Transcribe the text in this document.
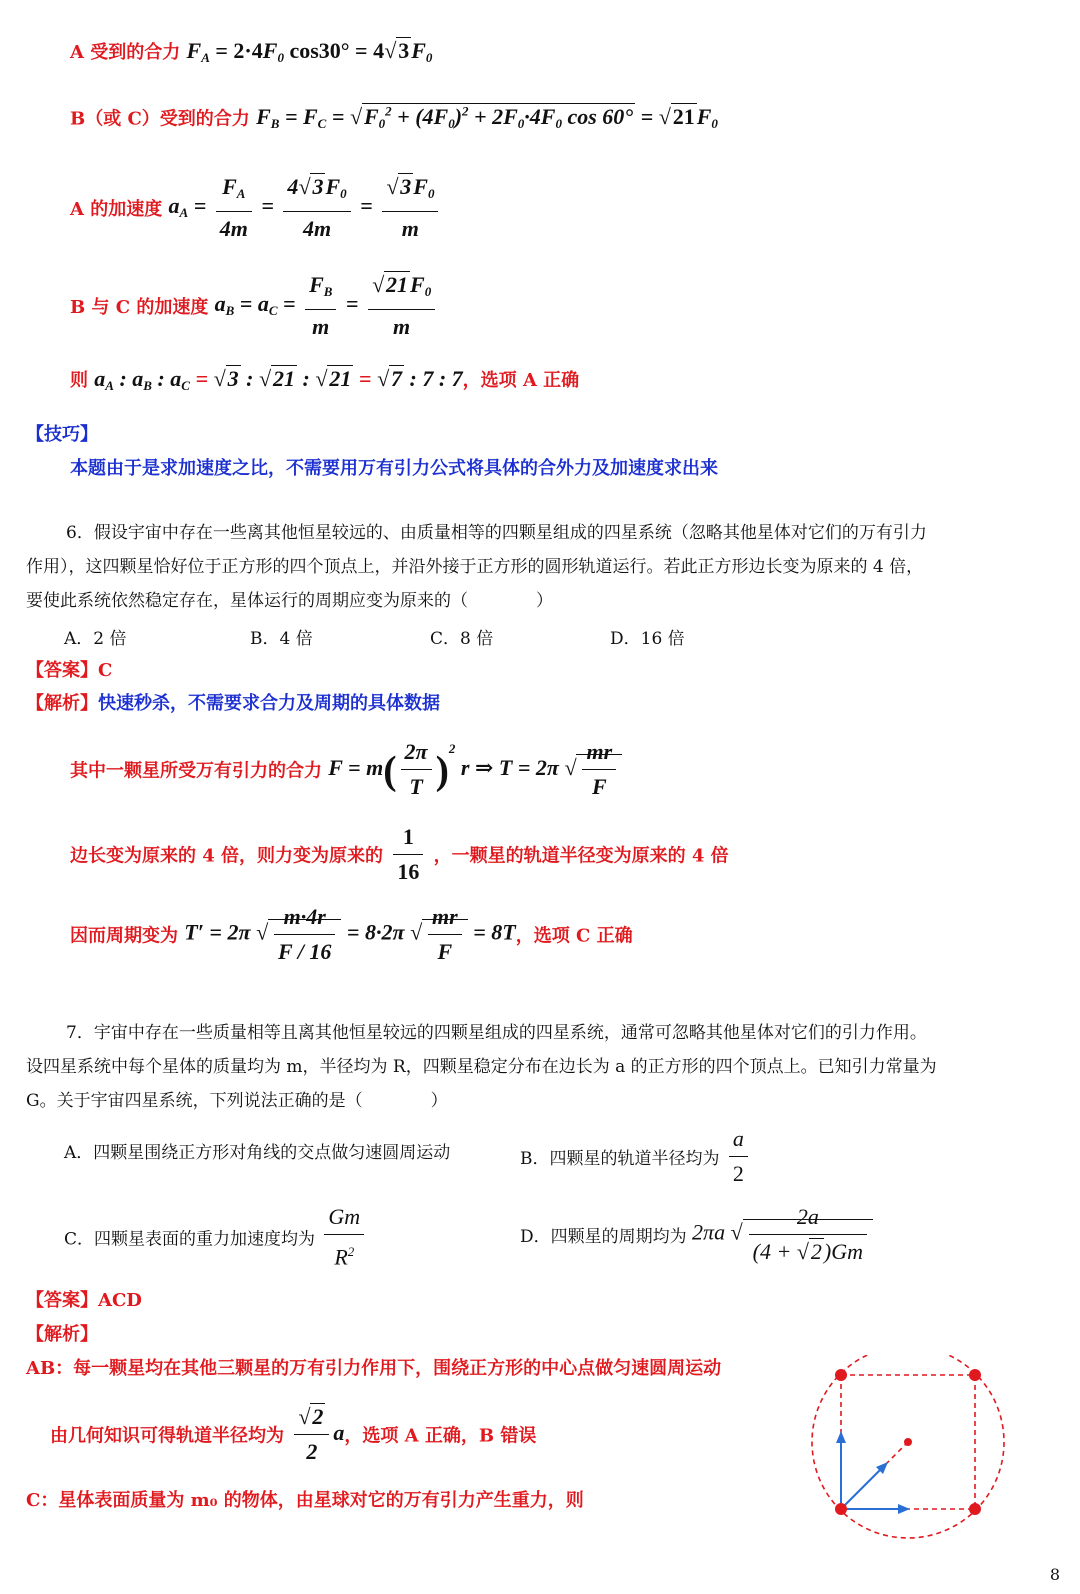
A 受到的合力 $F_A = 2\cdot 4F_0$ $\cos 30^\circ = 4√3F_0$
B（或 C）受到的合力 $F_B = F_C = √F_0^2 + (4F_0)^2 + 2F_0\cdot 4F_0$ $\cos 60^\circ = √21F_0$
A 的加速度 $a_A = \frac{F_A}{4m} = \frac{4√3F_0}{4m} = \frac{√3F_0}{m}$
B 与 C 的加速度 $a_B = a_C = \frac{F_B}{m} = \frac{√21F_0}{m}$
则 $a_A$ : $a_B$ : $a_C = √3$ : √21 : √21 = √7 : 7 : 7，选项 A 正确
【技巧】
本题由于是求加速度之比，不需要用万有引力公式将具体的合外力及加速度求出来
6．假设宇宙中存在一些离其他恒星较远的、由质量相等的四颗星组成的四星系统（忽略其他星体对它们的万有引力
作用），这四颗星恰好位于正方形的四个顶点上，并沿外接于正方形的圆形轨道运行。若此正方形边长变为原来的 4 倍，
要使此系统依然稳定存在，星体运行的周期应变为原来的（　　　　）
A．2 倍	B．4 倍	C．8 倍	D．16 倍
【答案】C
【解析】快速秒杀，不需要求合力及周期的具体数据
其中一颗星所受万有引力的合力 $F = m( \frac{2\pi}{T} )^2$ r ⇒ T = 2π √ $\frac{mr}{F}$
边长变为原来的 4 倍，则力变为原来的 $\frac{1}{16}$ ，一颗星的轨道半径变为原来的 4 倍
因而周期变为 T′ = 2π √ $\frac{m\cdot 4r}{F / 16} = 8\cdot 2\pi$ √ $\frac{mr}{F} = 8T$，选项 C 正确
7．宇宙中存在一些质量相等且离其他恒星较远的四颗星组成的四星系统，通常可忽略其他星体对它们的引力作用。
设四星系统中每个星体的质量均为 m，半径均为 R，四颗星稳定分布在边长为 a 的正方形的四个顶点上。已知引力常量为
G。关于宇宙四星系统，下列说法正确的是（　　　　）
A．四颗星围绕正方形对角线的交点做匀速圆周运动	B．四颗星的轨道半径均为 $\frac{a}{2}$
C．四颗星表面的重力加速度均为 $\frac{Gm}{R^2}$	D．四颗星的周期均为 2πa √ $\frac{2a}{(4 + √2)Gm}$
【答案】ACD
【解析】
AB：每一颗星均在其他三颗星的万有引力作用下，围绕正方形的中心点做匀速圆周运动
由几何知识可得轨道半径均为 $\frac{√2}{2}$ a，选项 A 正确，B 错误
C：星体表面质量为 m₀ 的物体，由星球对它的万有引力产生重力，则
8
